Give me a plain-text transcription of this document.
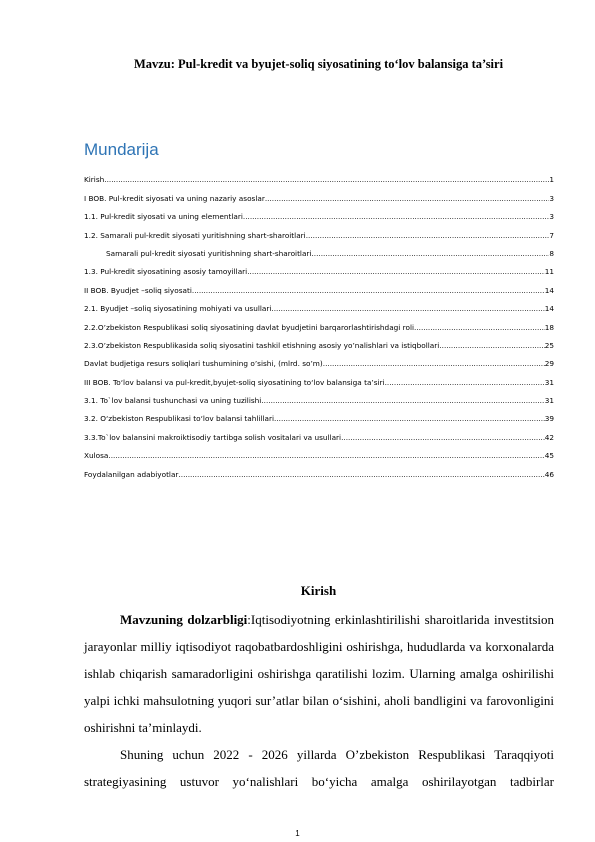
Mavzu: Pul-kredit va byujet-soliq siyosatining to‘lov balansiga ta’siri
Mundarija
Kirish .....	1
I BOB. Pul-kredit siyosati va uning nazariy asoslar .....	3
1.1. Pul-kredit siyosati va uning elementlari .....	3
1.2. Samarali pul-kredit siyosati yuritishning shart-sharoitlari .....	7
Samarali pul-kredit siyosati yuritishning shart-sharoitlari .....	8
1.3. Pul-kredit siyosatining asosiy tamoyillari .....	11
II BOB. Byudjet –soliq siyosati .....	14
2.1. Byudjet –soliq siyosatining mohiyati va usullari .....	14
2.2.O’zbekiston Respublikasi soliq siyosatining davlat byudjetini barqarorlashtirishdagi roli .....	18
2.3.O’zbekiston Respublikasida soliq siyosatini tashkil etishning asosiy yo’nalishlari va istiqbollari. .....	25
Davlat budjetiga resurs soliqlari tushumining o’sishi, (mlrd. so’m) .....	29
III BOB. To‘lov balansi va pul-kredit,byujet-soliq siyosatining to‘lov balansiga ta’siri .....	31
3.1. To`lov balansi tushunchasi va uning tuzilishi. .....	31
3.2. O‘zbekiston Respublikasi to‘lov balansi tahlillari .....	39
3.3.To`lov balansini makroiktisodiy tartibga solish vositalari va usullari .....	42
Xulosa .....	45
Foydalanilgan adabiyotlar .....	46
Kirish

Mavzuning dolzarbligi:Iqtisodiyotning erkinlashtirilishi sharoitlarida investitsion jarayonlar milliy iqtisodiyot raqobatbardoshligini oshirishga, hududlarda va korxonalarda ishlab chiqarish samaradorligini oshirishga qaratilishi lozim. Ularning amalga oshirilishi yalpi ichki mahsulotning yuqori sur’atlar bilan o‘sishini, aholi bandligini va farovonligini oshirishni ta’minlaydi.

Shuning uchun 2022 - 2026 yillarda O’zbekiston Respublikasi Taraqqiyoti strategiyasining ustuvor yo‘nalishlari bo‘yicha amalga oshirilayotgan tadbirlar

1
